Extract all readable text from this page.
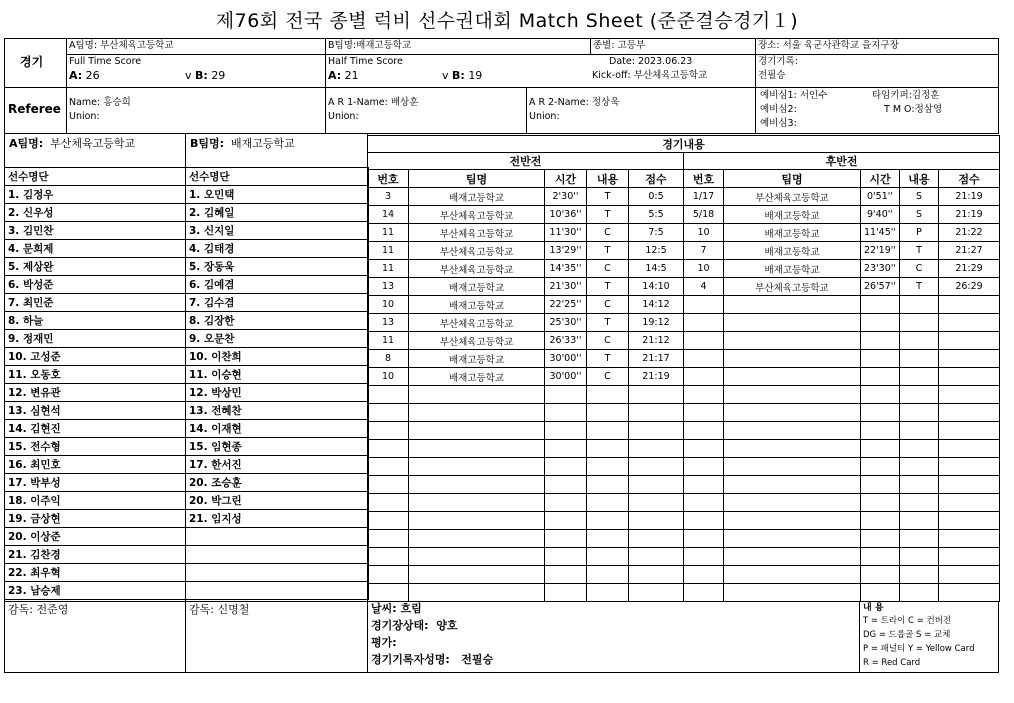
제76회 전국 종별 럭비 선수권대회 Match Sheet (준준결승경기１)
경기
A팀명: 부산체육고등학교	B팀명:배재고등학교	종별: 고등부	장소: 서울 육군사관학교 을지구장
Full Time Score
A: 26	v B: 29
Half Time Score
A: 21	v B: 19
Date: 2023.06.23
Kick-off: 부산체육고등학교
경기기록:
전필승
Referee Name: 홍승희
Union:
A R 1-Name: 배상훈
Union:
A R 2-Name: 정상욱
Union:
예비심1: 서인수
예비심2:
예비심3:
타임키퍼:김정훈
T M O:정삼영
A팀명: 부산체육고등학교	B팀명: 배재고등학교
선수명단	선수명단
1. 김정우	1. 오민택
2. 신우성	2. 김혜일
3. 김민찬	3. 신지일
4. 문희제	4. 김태경
5. 제상완	5. 장동욱
6. 박성준	6. 김예겸
7. 최민준	7. 김수겸
8. 하늘	8. 김장한
9. 정재민	9. 오문찬
10. 고성준	10. 이찬희
11. 오동호	11. 이승현
12. 변유관	12. 박상민
13. 심현석	13. 전혜찬
14. 김현진	14. 이재현
15. 전수형	15. 임현종
16. 최민호	17. 한서진
17. 박부성	20. 조승훈
18. 이주익	20. 박그린
19. 금상현	21. 임지성
20. 이상준	
21. 김찬경	
22. 최우혁	
23. 남승제	
경기내용									
전반전					후반전				
번호	팀명	시간	내용	점수	번호	팀명	시간	내용	점수
3	배재고등학교	2'30''	T	0:5	1/17	부산체육고등학교	0'51''	S	21:19
14	부산체육고등학교	10'36''	T	5:5	5/18	배재고등학교	9'40''	S	21:19
11	부산체육고등학교	11'30''	C	7:5	10	배재고등학교	11'45''	P	21:22
11	부산체육고등학교	13'29''	T	12:5	7	배재고등학교	22'19''	T	21:27
11	부산체육고등학교	14'35''	C	14:5	10	배재고등학교	23'30''	C	21:29
13	배재고등학교	21'30''	T	14:10	4	부산체육고등학교	26'57''	T	26:29
10	배재고등학교	22'25''	C	14:12					
13	부산체육고등학교	25'30''	T	19:12					
11	부산체육고등학교	26'33''	C	21:12					
8	배재고등학교	30'00''	T	21:17					
10	배재고등학교	30'00''	C	21:19					

감독: 전준영	감독: 신명철	날씨: 흐림
경기장상태: 양호
평가:
경기기록자성명: 전필승
내 용
T = 트라이 C = 컨버전
DG = 드롭골 S = 교체
P = 패널티 Y = Yellow Card
R = Red Card
